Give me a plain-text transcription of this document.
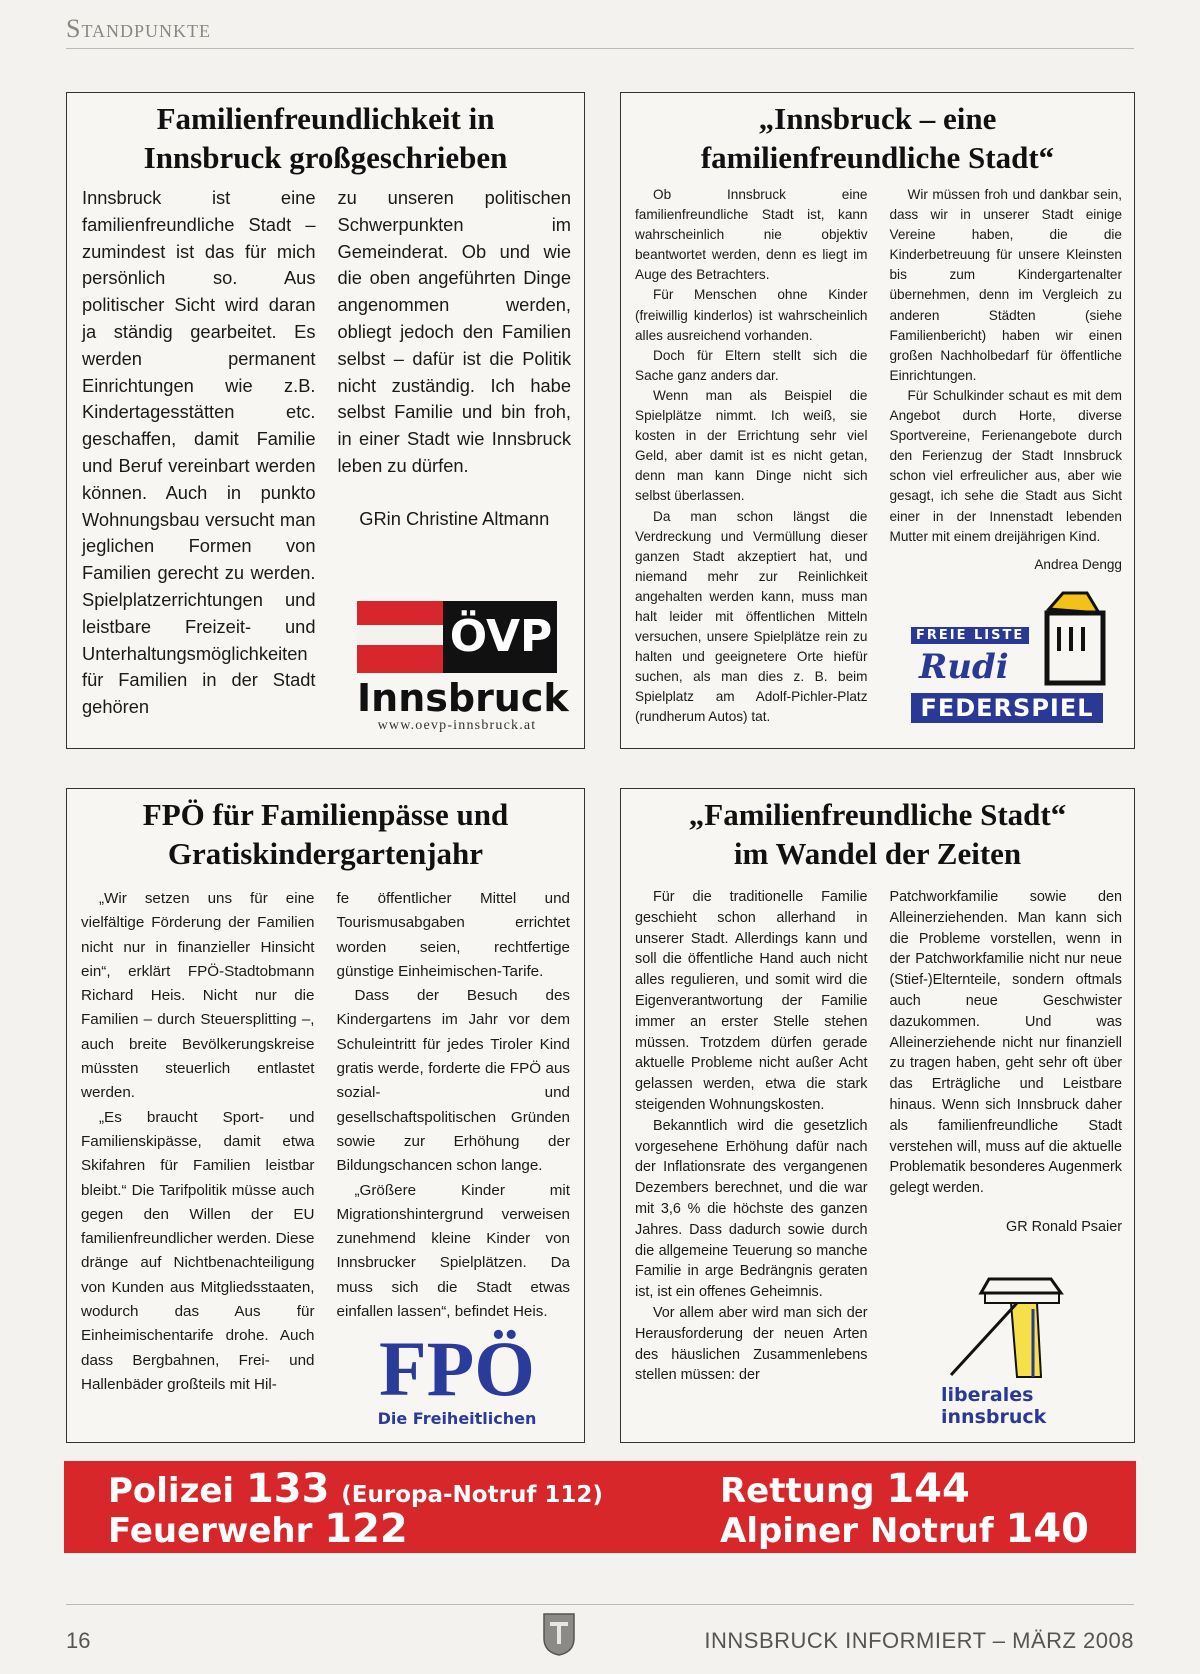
Standpunkte
Familienfreundlichkeit in
Innsbruck großgeschrieben

Innsbruck ist eine familienfreundliche Stadt – zumindest ist das für mich persönlich so. Aus politischer Sicht wird daran ja ständig gearbeitet. Es werden permanent Einrichtungen wie z.B. Kindertagesstätten etc. geschaffen, damit Familie und Beruf vereinbart werden können. Auch in punkto Wohnungsbau versucht man jeglichen Formen von Familien gerecht zu werden. Spielplatzerrichtungen und leistbare Freizeit- und Unterhaltungsmöglichkeiten für Familien in der Stadt gehören

zu unseren politischen Schwerpunkten im Gemeinderat. Ob und wie die oben angeführten Dinge angenommen werden, obliegt jedoch den Familien selbst – dafür ist die Politik nicht zuständig. Ich habe selbst Familie und bin froh, in einer Stadt wie Innsbruck leben zu dürfen.

GRin Christine Altmann

ÖVP
Innsbruck
www.oevp-innsbruck.at
„Innsbruck – eine
familienfreundliche Stadt“

Ob Innsbruck eine familienfreundliche Stadt ist, kann wahrscheinlich nie objektiv beantwortet werden, denn es liegt im Auge des Betrachters.

Für Menschen ohne Kinder (freiwillig kinderlos) ist wahrscheinlich alles ausreichend vorhanden.

Doch für Eltern stellt sich die Sache ganz anders dar.

Wenn man als Beispiel die Spielplätze nimmt. Ich weiß, sie kosten in der Errichtung sehr viel Geld, aber damit ist es nicht getan, denn man kann Dinge nicht sich selbst überlassen.

Da man schon längst die Verdreckung und Vermüllung dieser ganzen Stadt akzeptiert hat, und niemand mehr zur Reinlichkeit angehalten werden kann, muss man halt leider mit öffentlichen Mitteln versuchen, unsere Spielplätze rein zu halten und geeignetere Orte hiefür suchen, als man dies z. B. beim Spielplatz am Adolf-Pichler-Platz (rundherum Autos) tat.

Wir müssen froh und dankbar sein, dass wir in unserer Stadt einige Vereine haben, die die Kinderbetreuung für unsere Kleinsten bis zum Kindergartenalter übernehmen, denn im Vergleich zu anderen Städten (siehe Familienbericht) haben wir einen großen Nachholbedarf für öffentliche Einrichtungen.

Für Schulkinder schaut es mit dem Angebot durch Horte, diverse Sportvereine, Ferienangebote durch den Ferienzug der Stadt Innsbruck schon viel erfreulicher aus, aber wie gesagt, ich sehe die Stadt aus Sicht einer in der Innenstadt lebenden Mutter mit einem dreijährigen Kind.

Andrea Dengg

FREIE LISTE
Rudi
FEDERSPIEL
FPÖ für Familienpässe und
Gratiskindergartenjahr

„Wir setzen uns für eine vielfältige Förderung der Familien nicht nur in finanzieller Hinsicht ein“, erklärt FPÖ-Stadtobmann Richard Heis. Nicht nur die Familien – durch Steuersplitting –, auch breite Bevölkerungskreise müssten steuerlich entlastet werden.

„Es braucht Sport- und Familienskipässe, damit etwa Skifahren für Familien leistbar bleibt.“ Die Tarifpolitik müsse auch gegen den Willen der EU familienfreundlicher werden. Diese dränge auf Nichtbenachteiligung von Kunden aus Mitgliedsstaaten, wodurch das Aus für Einheimischentarife drohe. Auch dass Bergbahnen, Frei- und Hallenbäder großteils mit Hil-

fe öffentlicher Mittel und Tourismusabgaben errichtet worden seien, rechtfertige günstige Einheimischen-Tarife.

Dass der Besuch des Kindergartens im Jahr vor dem Schuleintritt für jedes Tiroler Kind gratis werde, forderte die FPÖ aus sozial- und gesellschaftspolitischen Gründen sowie zur Erhöhung der Bildungschancen schon lange.

„Größere Kinder mit Migrationshintergrund verweisen zunehmend kleine Kinder von Innsbrucker Spielplätzen. Da muss sich die Stadt etwas einfallen lassen“, befindet Heis.

FPÖ
Die Freiheitlichen
„Familienfreundliche Stadt“
im Wandel der Zeiten

Für die traditionelle Familie geschieht schon allerhand in unserer Stadt. Allerdings kann und soll die öffentliche Hand auch nicht alles regulieren, und somit wird die Eigenverantwortung der Familie immer an erster Stelle stehen müssen. Trotzdem dürfen gerade aktuelle Probleme nicht außer Acht gelassen werden, etwa die stark steigenden Wohnungskosten.

Bekanntlich wird die gesetzlich vorgesehene Erhöhung dafür nach der Inflationsrate des vergangenen Dezembers berechnet, und die war mit 3,6 % die höchste des ganzen Jahres. Dass dadurch sowie durch die allgemeine Teuerung so manche Familie in arge Bedrängnis geraten ist, ist ein offenes Geheimnis.

Vor allem aber wird man sich der Herausforderung der neuen Arten des häuslichen Zusammenlebens stellen müssen: der

Patchworkfamilie sowie den Alleinerziehenden. Man kann sich die Probleme vorstellen, wenn in der Patchworkfamilie nicht nur neue (Stief-)Elternteile, sondern oftmals auch neue Geschwister dazukommen. Und was Alleinerziehende nicht nur finanziell zu tragen haben, geht sehr oft über das Erträgliche und Leistbare hinaus. Wenn sich Innsbruck daher als familienfreundliche Stadt verstehen will, muss auf die aktuelle Problematik besonderes Augenmerk gelegt werden.

GR Ronald Psaier

liberales
innsbruck
Polizei 133 (Europa-Notruf 112)
Feuerwehr 122
Rettung 144
Alpiner Notruf 140
16	INNSBRUCK INFORMIERT – MÄRZ 2008
